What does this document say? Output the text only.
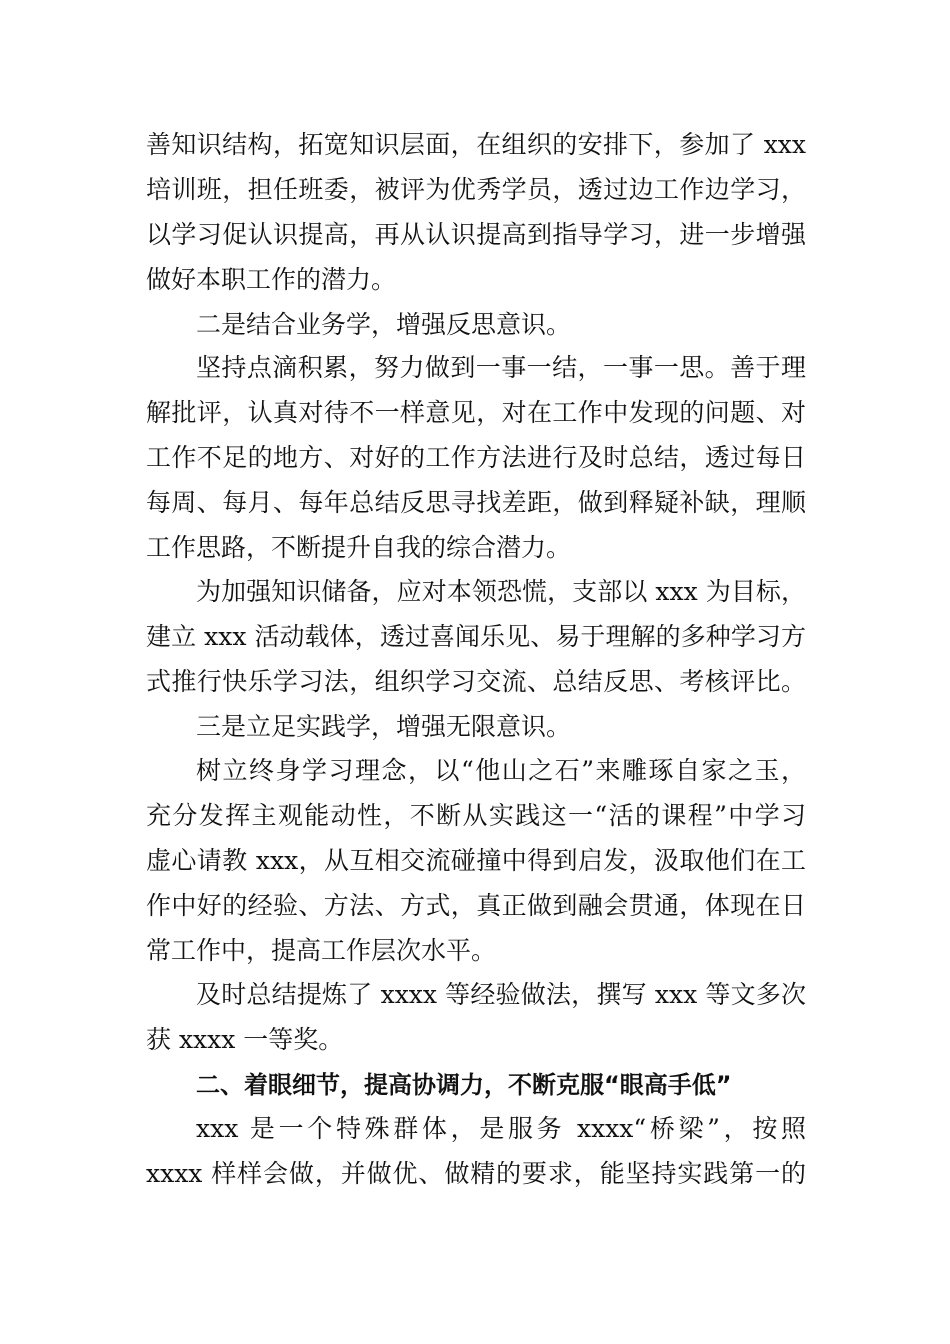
善知识结构，拓宽知识层面，在组织的安排下，参加了 xxx
培训班，担任班委，被评为优秀学员，透过边工作边学习，
以学习促认识提高，再从认识提高到指导学习，进一步增强
做好本职工作的潜力。
二是结合业务学，增强反思意识。
坚持点滴积累，努力做到一事一结，一事一思。善于理
解批评，认真对待不一样意见，对在工作中发现的问题、对
工作不足的地方、对好的工作方法进行及时总结，透过每日
每周、每月、每年总结反思寻找差距，做到释疑补缺，理顺
工作思路，不断提升自我的综合潜力。
为加强知识储备，应对本领恐慌，支部以 xxx 为目标，
建立 xxx 活动载体，透过喜闻乐见、易于理解的多种学习方
式推行快乐学习法，组织学习交流、总结反思、考核评比。
三是立足实践学，增强无限意识。
树立终身学习理念，以“他山之石”来雕琢自家之玉，
充分发挥主观能动性，不断从实践这一“活的课程”中学习
虚心请教 xxx，从互相交流碰撞中得到启发，汲取他们在工
作中好的经验、方法、方式，真正做到融会贯通，体现在日
常工作中，提高工作层次水平。
及时总结提炼了 xxxx 等经验做法，撰写 xxx 等文多次
获 xxxx 一等奖。
二、着眼细节，提高协调力，不断克服“眼高手低”
xxx 是一个特殊群体，是服务 xxxx“桥梁”，按照
xxxx 样样会做，并做优、做精的要求，能坚持实践第一的
